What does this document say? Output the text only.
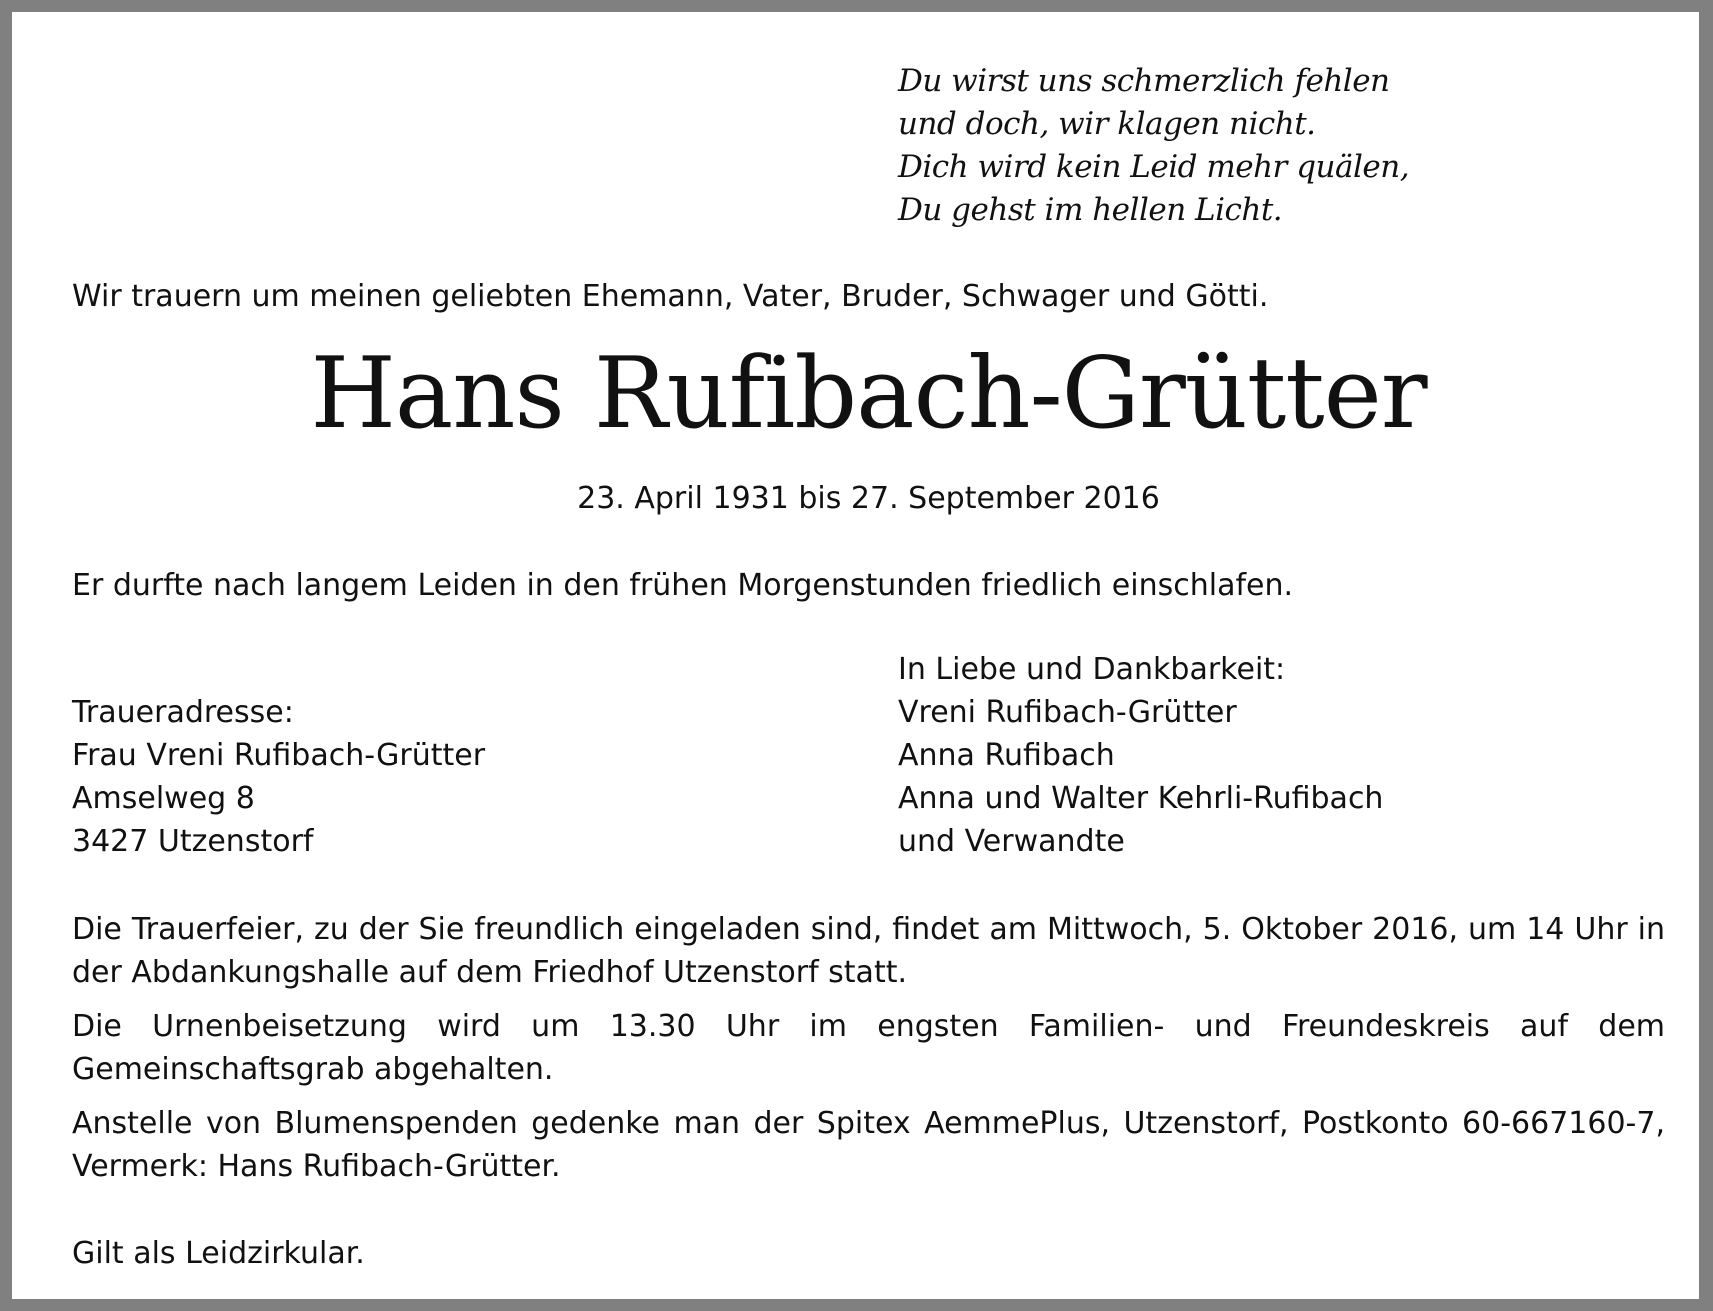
Du wirst uns schmerzlich fehlen
und doch, wir klagen nicht.
Dich wird kein Leid mehr quälen,
Du gehst im hellen Licht.
Wir trauern um meinen geliebten Ehemann, Vater, Bruder, Schwager und Götti.
Hans Rufibach-Grütter
23. April 1931 bis 27. September 2016
Er durfte nach langem Leiden in den frühen Morgenstunden friedlich einschlafen.
Traueradresse:
Frau Vreni Rufibach-Grütter
Amselweg 8
3427 Utzenstorf
In Liebe und Dankbarkeit:
Vreni Rufibach-Grütter
Anna Rufibach
Anna und Walter Kehrli-Rufibach
und Verwandte
Die Trauerfeier, zu der Sie freundlich eingeladen sind, findet am Mittwoch, 5. Oktober 2016, um 14 Uhr in der Abdankungshalle auf dem Friedhof Utzenstorf statt.
Die Urnenbeisetzung wird um 13.30 Uhr im engsten Familien- und Freundeskreis auf dem Gemeinschaftsgrab abgehalten.
Anstelle von Blumenspenden gedenke man der Spitex AemmePlus, Utzenstorf, Postkonto 60-667160-7, Vermerk: Hans Rufibach-Grütter.
Gilt als Leidzirkular.
